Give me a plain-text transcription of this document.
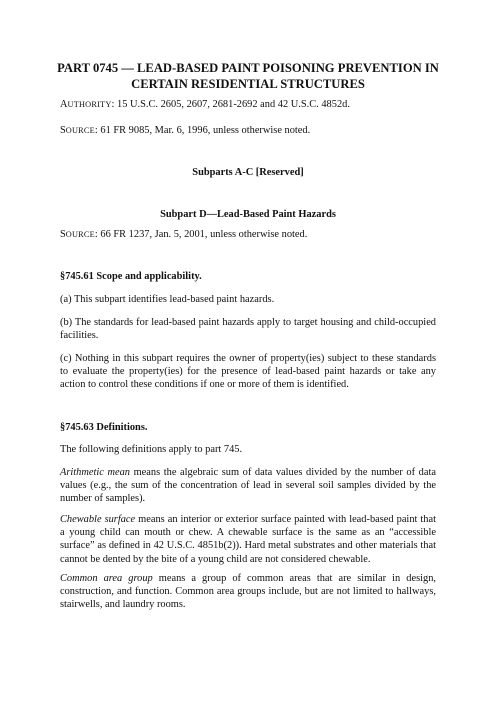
PART 0745 — LEAD-BASED PAINT POISONING PREVENTION IN
CERTAIN RESIDENTIAL STRUCTURES

AUTHORITY: 15 U.S.C. 2605, 2607, 2681-2692 and 42 U.S.C. 4852d.

SOURCE: 61 FR 9085, Mar. 6, 1996, unless otherwise noted.

Subparts A-C [Reserved]

Subpart D—Lead-Based Paint Hazards

SOURCE: 66 FR 1237, Jan. 5, 2001, unless otherwise noted.

§745.61 Scope and applicability.

(a) This subpart identifies lead-based paint hazards.

(b) The standards for lead-based paint hazards apply to target housing and child-occupied facilities.

(c) Nothing in this subpart requires the owner of property(ies) subject to these standards to evaluate the property(ies) for the presence of lead-based paint hazards or take any action to control these conditions if one or more of them is identified.

§745.63 Definitions.

The following definitions apply to part 745.

Arithmetic mean means the algebraic sum of data values divided by the number of data values (e.g., the sum of the concentration of lead in several soil samples divided by the number of samples).

Chewable surface means an interior or exterior surface painted with lead-based paint that a young child can mouth or chew. A chewable surface is the same as an “accessible surface” as defined in 42 U.S.C. 4851b(2)). Hard metal substrates and other materials that cannot be dented by the bite of a young child are not considered chewable.

Common area group means a group of common areas that are similar in design, construction, and function. Common area groups include, but are not limited to hallways, stairwells, and laundry rooms.
